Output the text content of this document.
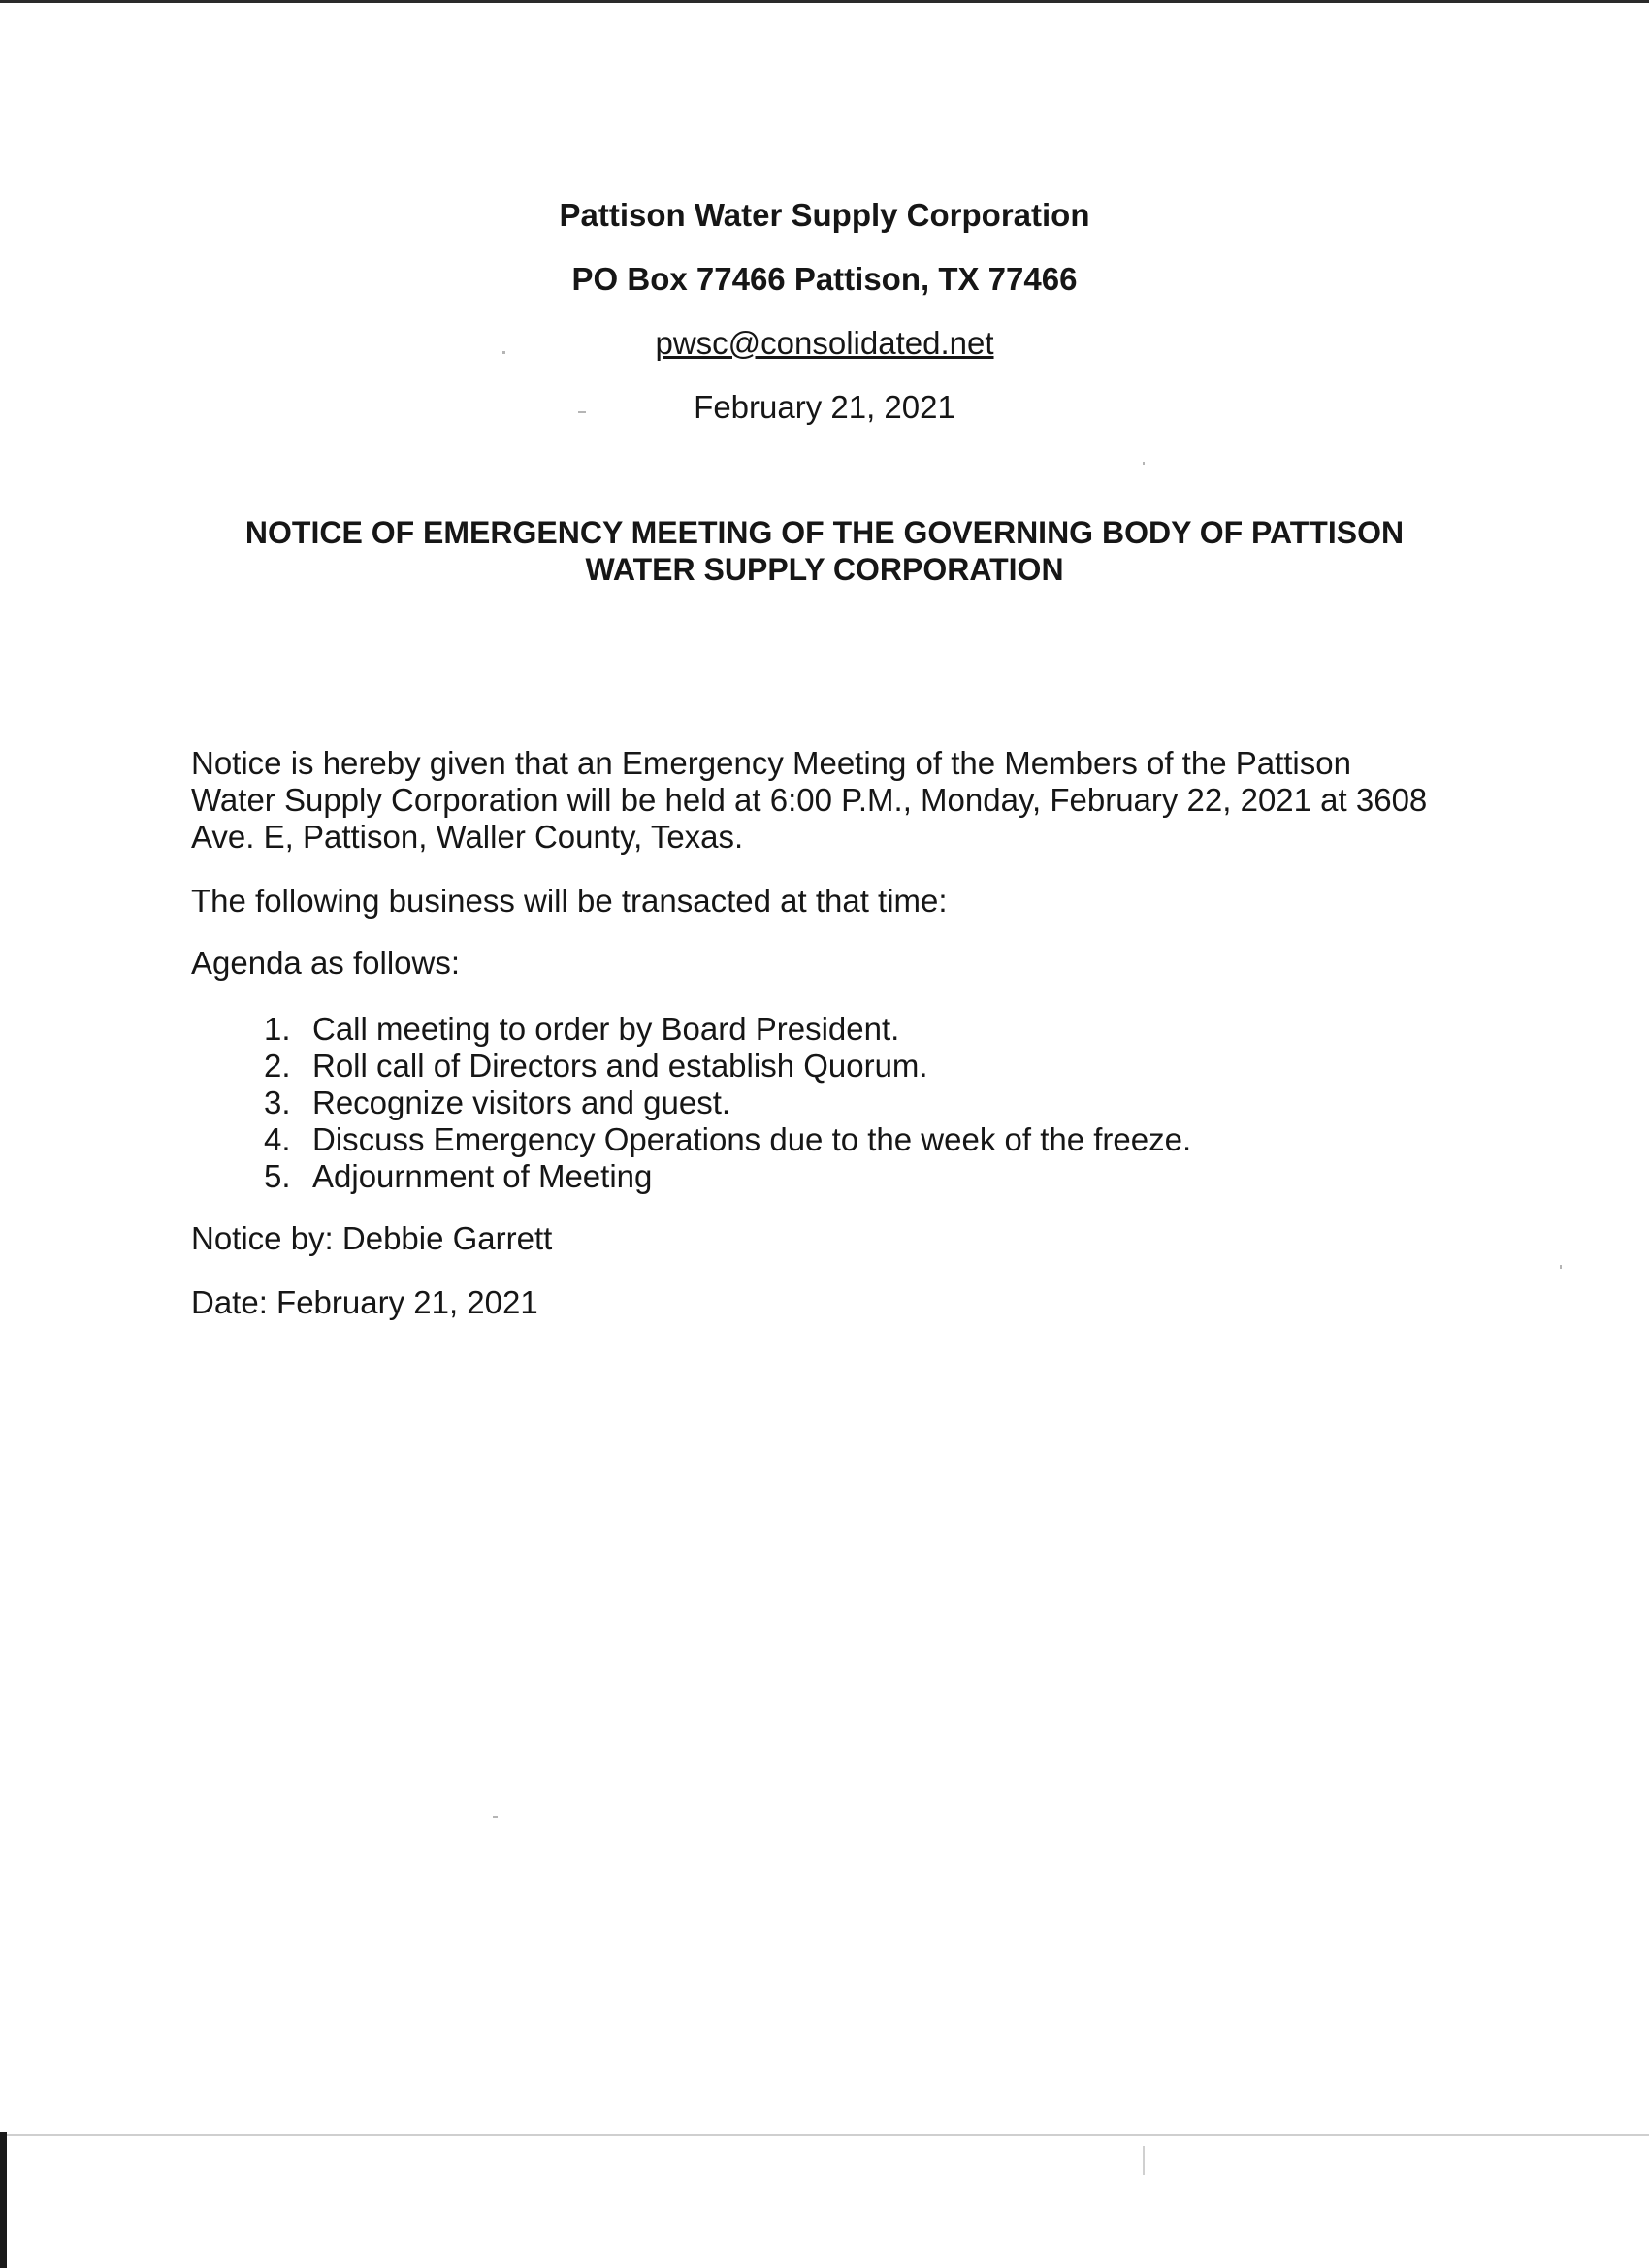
Pattison Water Supply Corporation
PO Box 77466 Pattison, TX 77466
pwsc@consolidated.net
February 21, 2021
NOTICE OF EMERGENCY MEETING OF THE GOVERNING BODY OF PATTISON
WATER SUPPLY CORPORATION
Notice is hereby given that an Emergency Meeting of the Members of the Pattison
Water Supply Corporation will be held at 6:00 P.M., Monday, February 22, 2021 at 3608
Ave. E, Pattison, Waller County, Texas.
The following business will be transacted at that time:
Agenda as follows:
1. Call meeting to order by Board President.
2. Roll call of Directors and establish Quorum.
3. Recognize visitors and guest.
4. Discuss Emergency Operations due to the week of the freeze.
5. Adjournment of Meeting
Notice by: Debbie Garrett
Date: February 21, 2021
